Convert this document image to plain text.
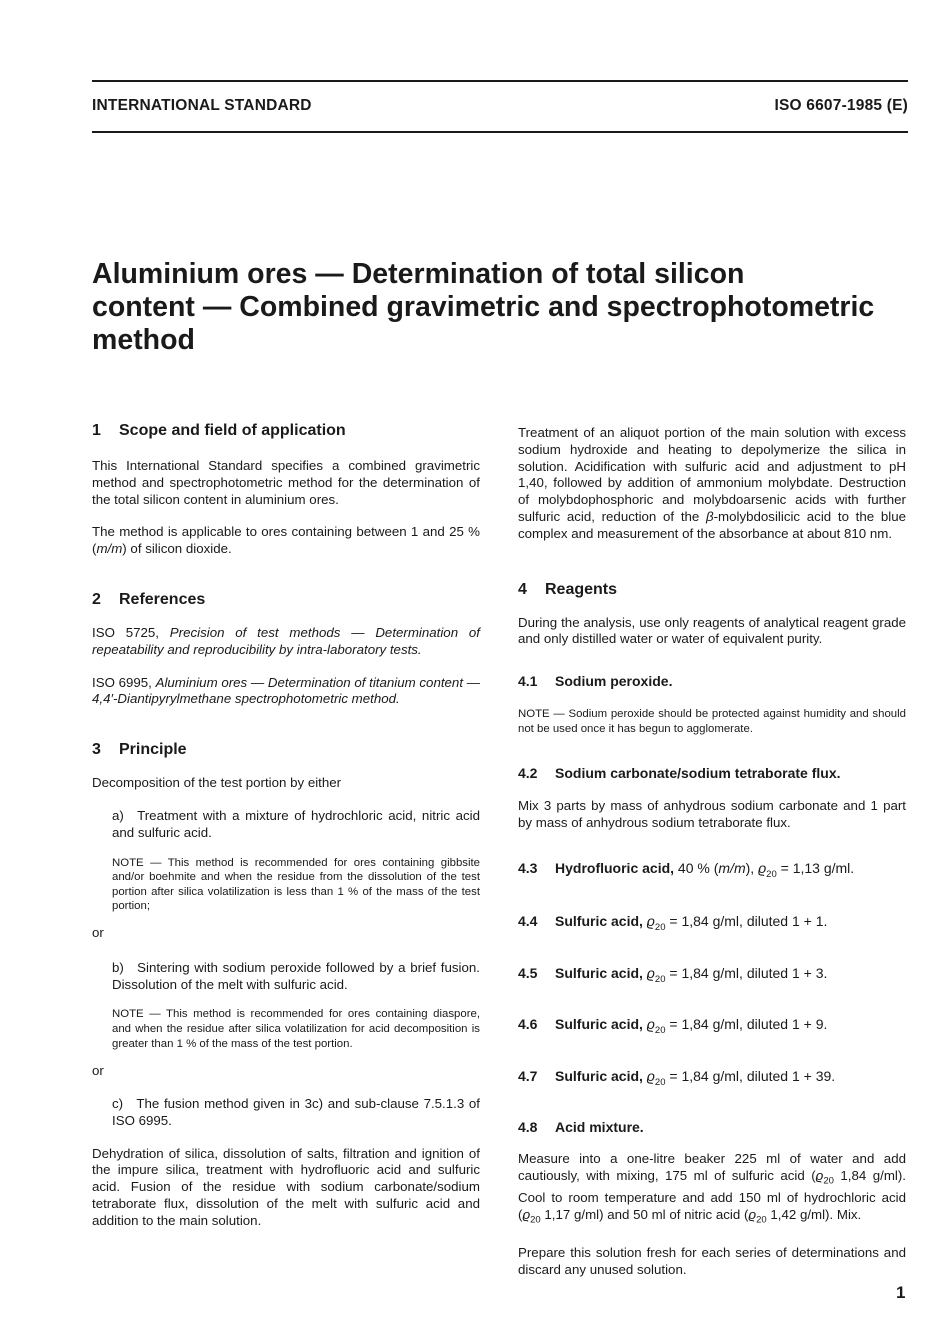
INTERNATIONAL STANDARD	ISO 6607-1985 (E)
Aluminium ores — Determination of total silicon
content — Combined gravimetric and spectrophotometric
method
1 Scope and field of application

This International Standard specifies a combined gravimetric method and spectrophotometric method for the determination of the total silicon content in aluminium ores.

The method is applicable to ores containing between 1 and 25 % (m/m) of silicon dioxide.

2 References

ISO 5725, Precision of test methods — Determination of repeatability and reproducibility by intra-laboratory tests.

ISO 6995, Aluminium ores — Determination of titanium content — 4,4′-Diantipyrylmethane spectrophotometric method.

3 Principle

Decomposition of the test portion by either

a) Treatment with a mixture of hydrochloric acid, nitric acid and sulfuric acid.

NOTE — This method is recommended for ores containing gibbsite and/or boehmite and when the residue from the dissolution of the test portion after silica volatilization is less than 1 % of the mass of the test portion;

or

b) Sintering with sodium peroxide followed by a brief fusion. Dissolution of the melt with sulfuric acid.

NOTE — This method is recommended for ores containing diaspore, and when the residue after silica volatilization for acid decomposition is greater than 1 % of the mass of the test portion.

or

c) The fusion method given in 3c) and sub-clause 7.5.1.3 of ISO 6995.

Dehydration of silica, dissolution of salts, filtration and ignition of the impure silica, treatment with hydrofluoric acid and sulfuric acid. Fusion of the residue with sodium carbonate/sodium tetraborate flux, dissolution of the melt with sulfuric acid and addition to the main solution.

Treatment of an aliquot portion of the main solution with excess sodium hydroxide and heating to depolymerize the silica in solution. Acidification with sulfuric acid and adjustment to pH 1,40, followed by addition of ammonium molybdate. Destruction of molybdophosphoric and molybdoarsenic acids with further sulfuric acid, reduction of the β-molybdosilicic acid to the blue complex and measurement of the absorbance at about 810 nm.

4 Reagents

During the analysis, use only reagents of analytical reagent grade and only distilled water or water of equivalent purity.

4.1 Sodium peroxide.

NOTE — Sodium peroxide should be protected against humidity and should not be used once it has begun to agglomerate.

4.2 Sodium carbonate/sodium tetraborate flux.

Mix 3 parts by mass of anhydrous sodium carbonate and 1 part by mass of anhydrous sodium tetraborate flux.

4.3 Hydrofluoric acid, 40 % (m/m), $ϱ_{20} = 1,13$ g/ml.
4.4 Sulfuric acid, $ϱ_{20} = 1,84$ g/ml, diluted 1 + 1.
4.5 Sulfuric acid, $ϱ_{20} = 1,84$ g/ml, diluted 1 + 3.
4.6 Sulfuric acid, $ϱ_{20} = 1,84$ g/ml, diluted 1 + 9.
4.7 Sulfuric acid, $ϱ_{20} = 1,84$ g/ml, diluted 1 + 39.
4.8 Acid mixture.

Measure into a one-litre beaker 225 ml of water and add cautiously, with mixing, 175 ml of sulfuric acid ($ϱ_{20}$ 1,84 g/ml). Cool to room temperature and add 150 ml of hydrochloric acid ($ϱ_{20}$ 1,17 g/ml) and 50 ml of nitric acid ($ϱ_{20}$ 1,42 g/ml). Mix.

Prepare this solution fresh for each series of determinations and discard any unused solution.

1
